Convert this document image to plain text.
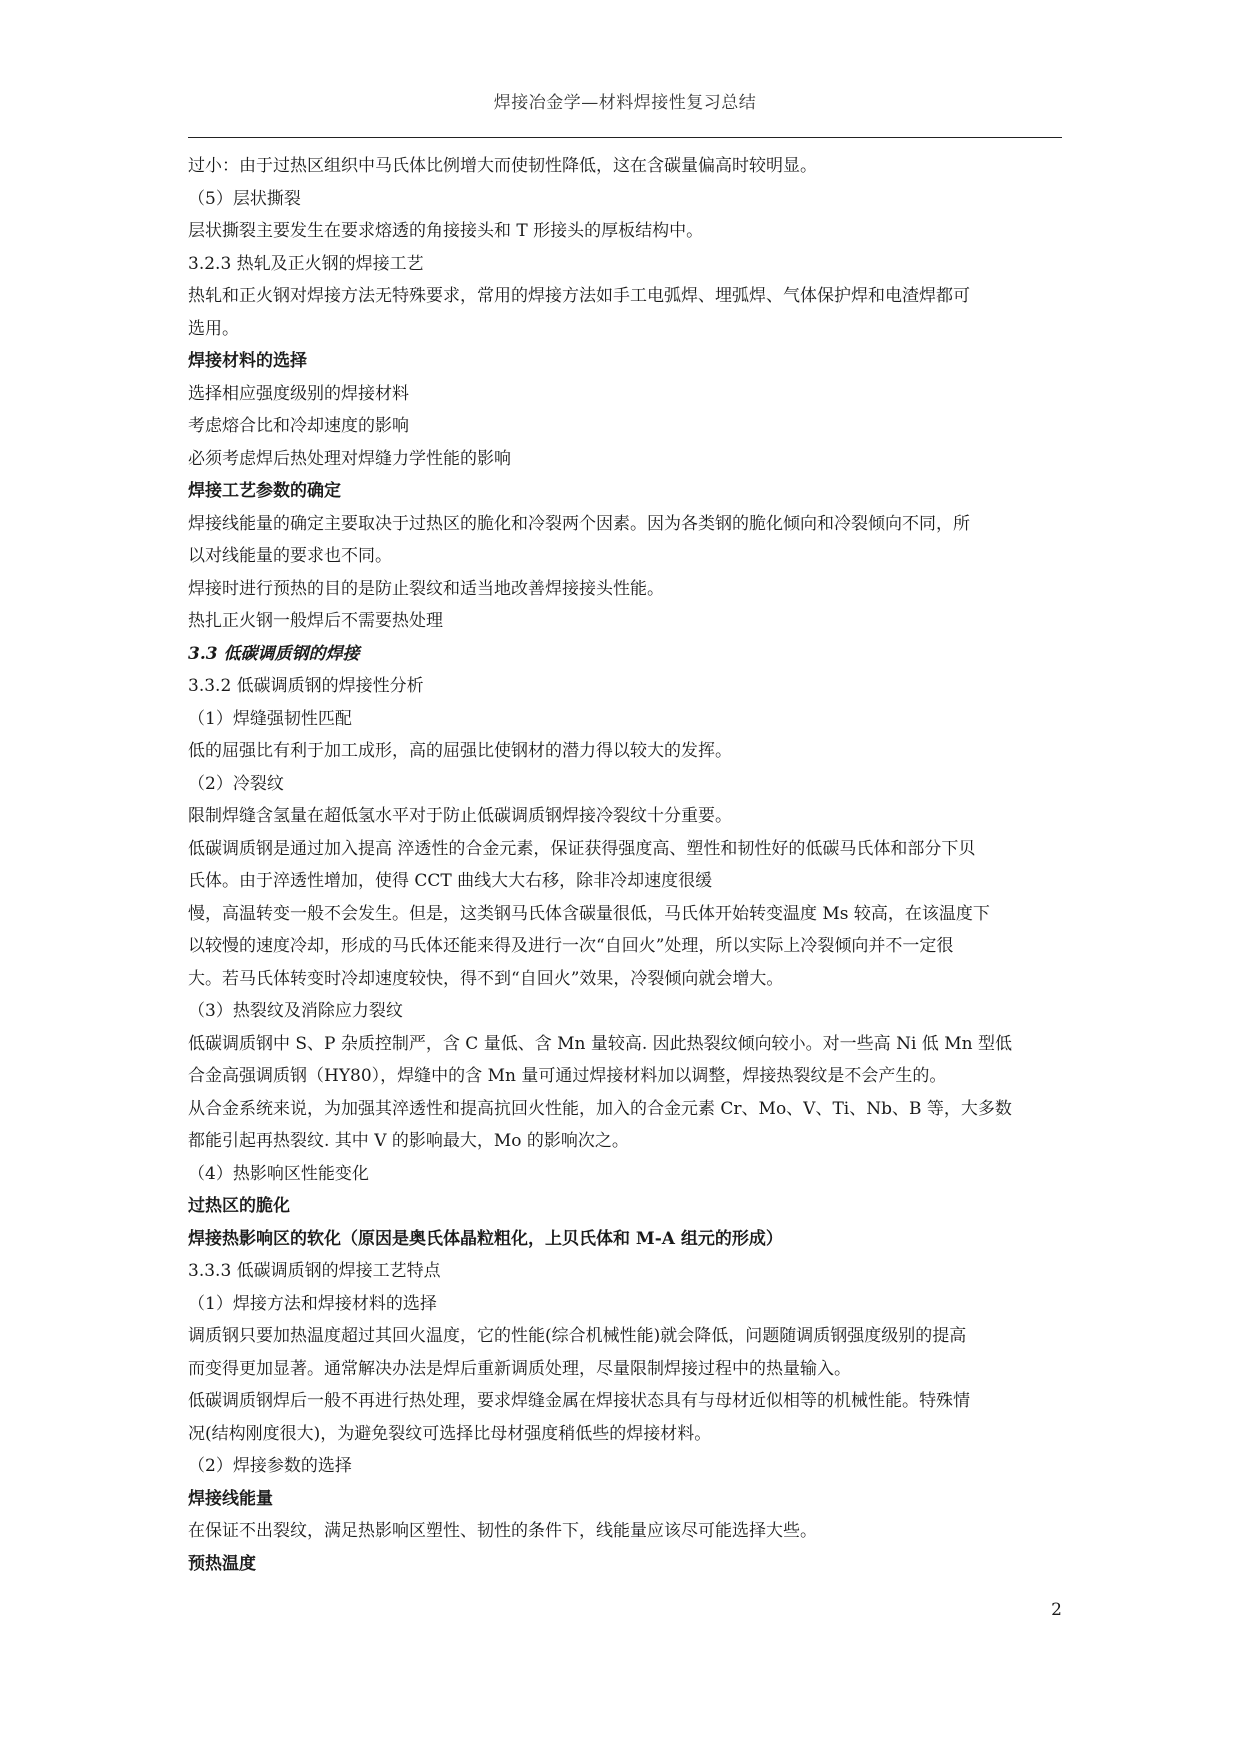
焊接冶金学—材料焊接性复习总结
过小：由于过热区组织中马氏体比例增大而使韧性降低，这在含碳量偏高时较明显。
（5）层状撕裂
层状撕裂主要发生在要求熔透的角接接头和 T 形接头的厚板结构中。
3.2.3 热轧及正火钢的焊接工艺
热轧和正火钢对焊接方法无特殊要求，常用的焊接方法如手工电弧焊、埋弧焊、气体保护焊和电渣焊都可
选用。
焊接材料的选择
选择相应强度级别的焊接材料
考虑熔合比和冷却速度的影响
必须考虑焊后热处理对焊缝力学性能的影响
焊接工艺参数的确定
焊接线能量的确定主要取决于过热区的脆化和冷裂两个因素。因为各类钢的脆化倾向和冷裂倾向不同，所
以对线能量的要求也不同。
焊接时进行预热的目的是防止裂纹和适当地改善焊接接头性能。
热扎正火钢一般焊后不需要热处理
3.3 低碳调质钢的焊接
3.3.2 低碳调质钢的焊接性分析
（1）焊缝强韧性匹配
低的屈强比有利于加工成形，高的屈强比使钢材的潜力得以较大的发挥。
（2）冷裂纹
限制焊缝含氢量在超低氢水平对于防止低碳调质钢焊接冷裂纹十分重要。
低碳调质钢是通过加入提高 淬透性的合金元素，保证获得强度高、塑性和韧性好的低碳马氏体和部分下贝
氏体。由于淬透性增加，使得 CCT 曲线大大右移，除非冷却速度很缓
慢，高温转变一般不会发生。但是，这类钢马氏体含碳量很低，马氏体开始转变温度 Ms 较高，在该温度下
以较慢的速度冷却，形成的马氏体还能来得及进行一次“自回火”处理，所以实际上冷裂倾向并不一定很
大。若马氏体转变时冷却速度较快，得不到“自回火”效果，冷裂倾向就会增大。
（3）热裂纹及消除应力裂纹
低碳调质钢中 S、P 杂质控制严，含 C 量低、含 Mn 量较高. 因此热裂纹倾向较小。对一些高 Ni 低 Mn 型低
合金高强调质钢（HY80），焊缝中的含 Mn 量可通过焊接材料加以调整，焊接热裂纹是不会产生的。
从合金系统来说，为加强其淬透性和提高抗回火性能，加入的合金元素 Cr、Mo、V、Ti、Nb、B 等，大多数
都能引起再热裂纹. 其中 V 的影响最大，Mo 的影响次之。
（4）热影响区性能变化
过热区的脆化
焊接热影响区的软化（原因是奥氏体晶粒粗化，上贝氏体和 M-A 组元的形成）
3.3.3 低碳调质钢的焊接工艺特点
（1）焊接方法和焊接材料的选择
调质钢只要加热温度超过其回火温度，它的性能(综合机械性能)就会降低，问题随调质钢强度级别的提高
而变得更加显著。通常解决办法是焊后重新调质处理，尽量限制焊接过程中的热量输入。
低碳调质钢焊后一般不再进行热处理，要求焊缝金属在焊接状态具有与母材近似相等的机械性能。特殊情
况(结构刚度很大)，为避免裂纹可选择比母材强度稍低些的焊接材料。
（2）焊接参数的选择
焊接线能量
在保证不出裂纹，满足热影响区塑性、韧性的条件下，线能量应该尽可能选择大些。
预热温度
2
